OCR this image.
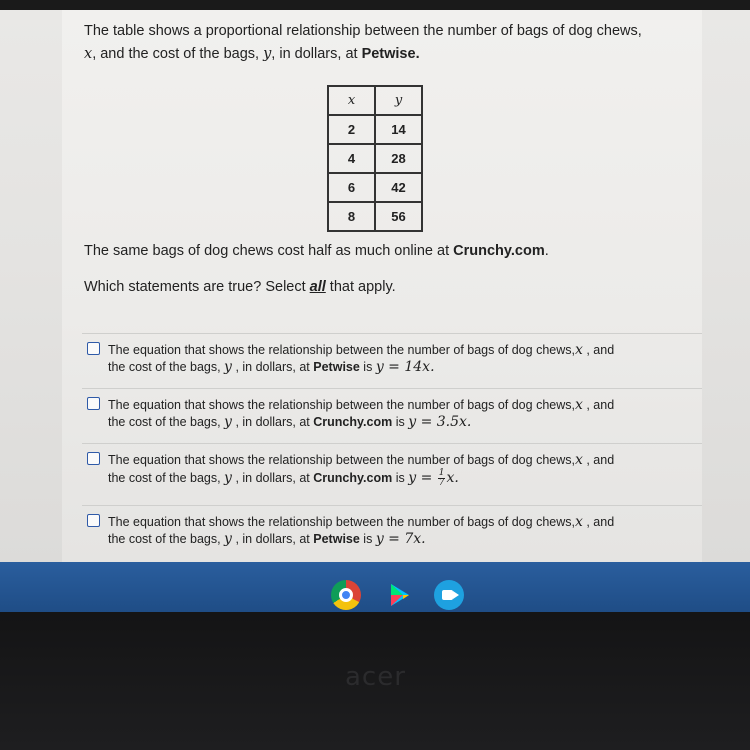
The table shows a proportional relationship between the number of bags of dog chews,
x, and the cost of the bags, y, in dollars, at Petwise.
x	y
2	14
4	28
6	42
8	56
The same bags of dog chews cost half as much online at Crunchy.com.
Which statements are true? Select all that apply.
The equation that shows the relationship between the number of bags of dog chews,x , and
the cost of the bags, y , in dollars, at Petwise is y = 14x.
The equation that shows the relationship between the number of bags of dog chews,x , and
the cost of the bags, y , in dollars, at Crunchy.com is y = 3.5x.
The equation that shows the relationship between the number of bags of dog chews,x , and
the cost of the bags, y , in dollars, at Crunchy.com is $y = \frac{1}{7} x$.
The equation that shows the relationship between the number of bags of dog chews,x , and
the cost of the bags, y , in dollars, at Petwise is y = 7x.
acer
